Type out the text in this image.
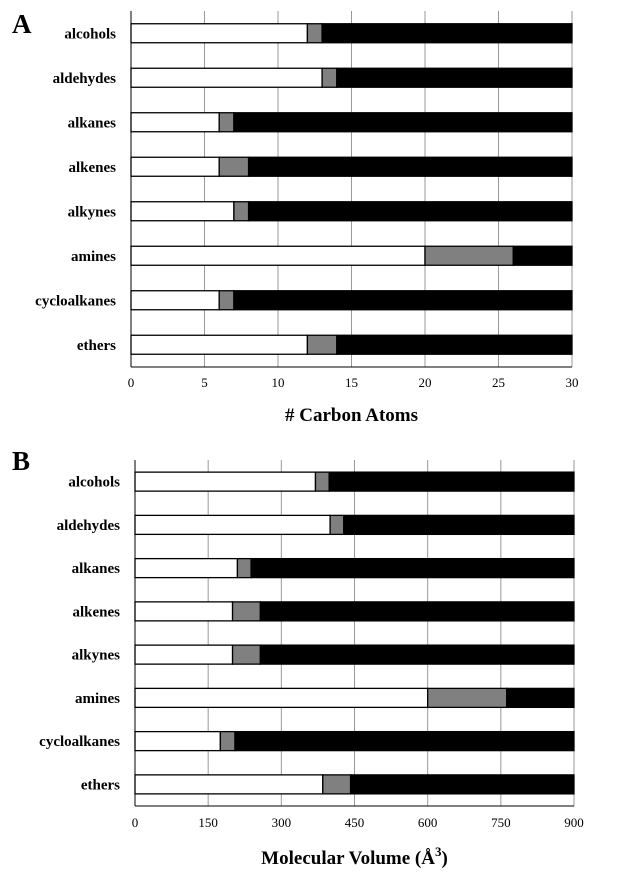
A
0	5	10	15	20	25	30
alcohols
aldehydes
alkanes
alkenes
alkynes
amines
cycloalkanes
ethers
# Carbon Atoms
B
0	150	300	450	600	750	900
alcohols
aldehydes
alkanes
alkenes
alkynes
amines
cycloalkanes
ethers
Molecular Volume $(Å^3)$
